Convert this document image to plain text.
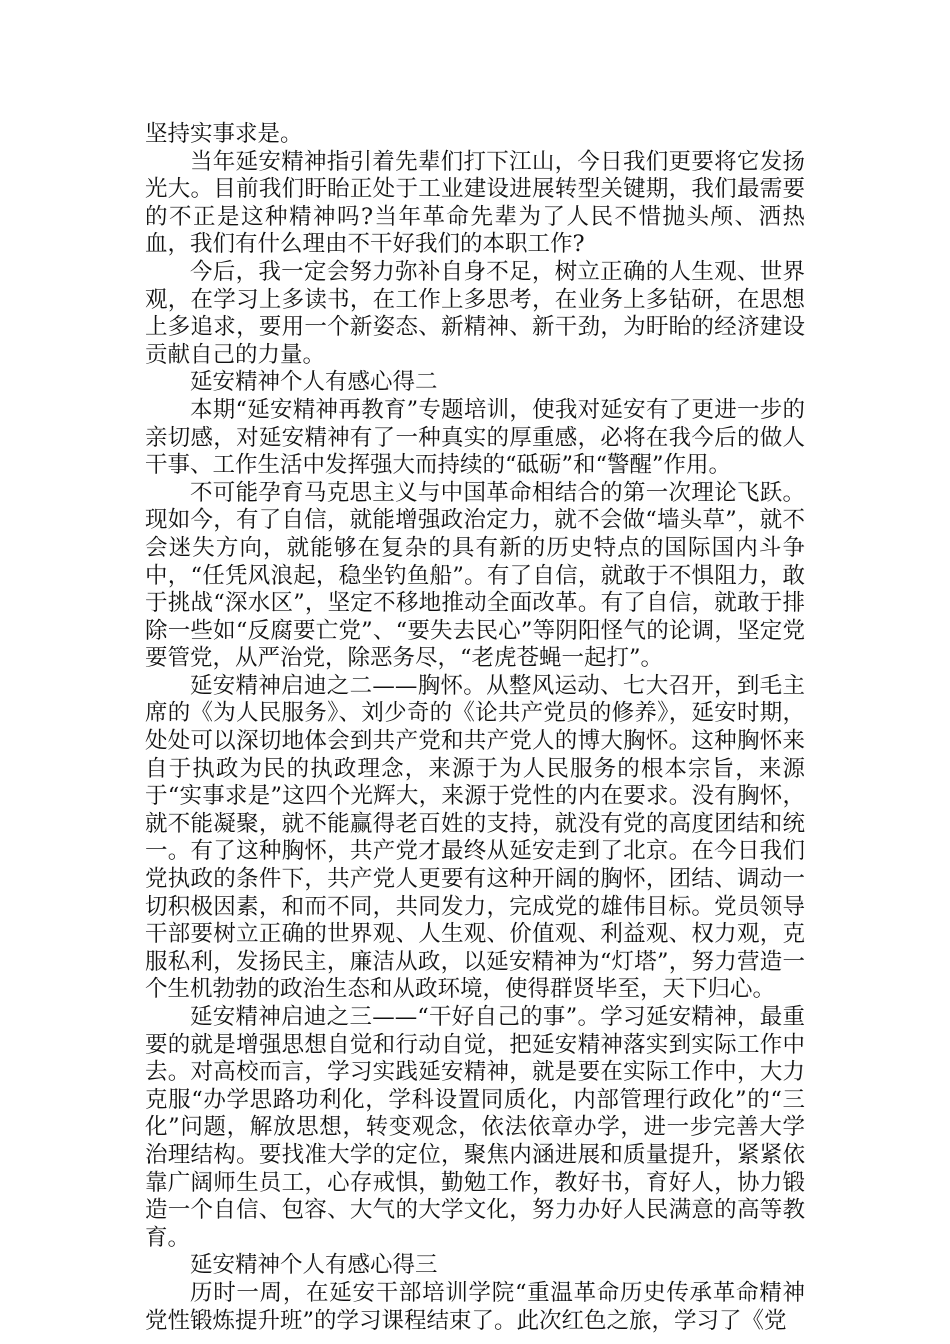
坚持实事求是。

当年延安精神指引着先辈们打下江山，今日我们更要将它发扬光大。目前我们盱眙正处于工业建设进展转型关键期，我们最需要的不正是这种精神吗?当年革命先辈为了人民不惜抛头颅、洒热血，我们有什么理由不干好我们的本职工作?

今后，我一定会努力弥补自身不足，树立正确的人生观、世界观，在学习上多读书，在工作上多思考，在业务上多钻研，在思想上多追求，要用一个新姿态、新精神、新干劲，为盱眙的经济建设贡献自己的力量。

延安精神个人有感心得二

本期“延安精神再教育”专题培训，使我对延安有了更进一步的亲切感，对延安精神有了一种真实的厚重感，必将在我今后的做人干事、工作生活中发挥强大而持续的“砥砺”和“警醒”作用。

不可能孕育马克思主义与中国革命相结合的第一次理论飞跃。现如今，有了自信，就能增强政治定力，就不会做“墙头草”，就不会迷失方向，就能够在复杂的具有新的历史特点的国际国内斗争中，“任凭风浪起，稳坐钓鱼船”。有了自信，就敢于不惧阻力，敢于挑战“深水区”，坚定不移地推动全面改革。有了自信，就敢于排除一些如“反腐要亡党”、“要失去民心”等阴阳怪气的论调，坚定党要管党，从严治党，除恶务尽，“老虎苍蝇一起打”。

延安精神启迪之二——胸怀。从整风运动、七大召开，到毛主席的《为人民服务》、刘少奇的《论共产党员的修养》，延安时期，处处可以深切地体会到共产党和共产党人的博大胸怀。这种胸怀来自于执政为民的执政理念，来源于为人民服务的根本宗旨，来源于“实事求是”这四个光辉大，来源于党性的内在要求。没有胸怀，就不能凝聚，就不能赢得老百姓的支持，就没有党的高度团结和统一。有了这种胸怀，共产党才最终从延安走到了北京。在今日我们党执政的条件下，共产党人更要有这种开阔的胸怀，团结、调动一切积极因素，和而不同，共同发力，完成党的雄伟目标。党员领导干部要树立正确的世界观、人生观、价值观、利益观、权力观，克服私利，发扬民主，廉洁从政，以延安精神为“灯塔”，努力营造一个生机勃勃的政治生态和从政环境，使得群贤毕至，天下归心。

延安精神启迪之三——“干好自己的事”。学习延安精神，最重要的就是增强思想自觉和行动自觉，把延安精神落实到实际工作中去。对高校而言，学习实践延安精神，就是要在实际工作中，大力克服“办学思路功利化，学科设置同质化，内部管理行政化”的“三化”问题，解放思想，转变观念，依法依章办学，进一步完善大学治理结构。要找准大学的定位，聚焦内涵进展和质量提升，紧紧依靠广阔师生员工，心存戒惧，勤勉工作，教好书，育好人，协力锻造一个自信、包容、大气的大学文化，努力办好人民满意的高等教育。

延安精神个人有感心得三

历时一周，在延安干部培训学院“重温革命历史传承革命精神党性锻炼提升班”的学习课程结束了。此次红色之旅，学习了《党
